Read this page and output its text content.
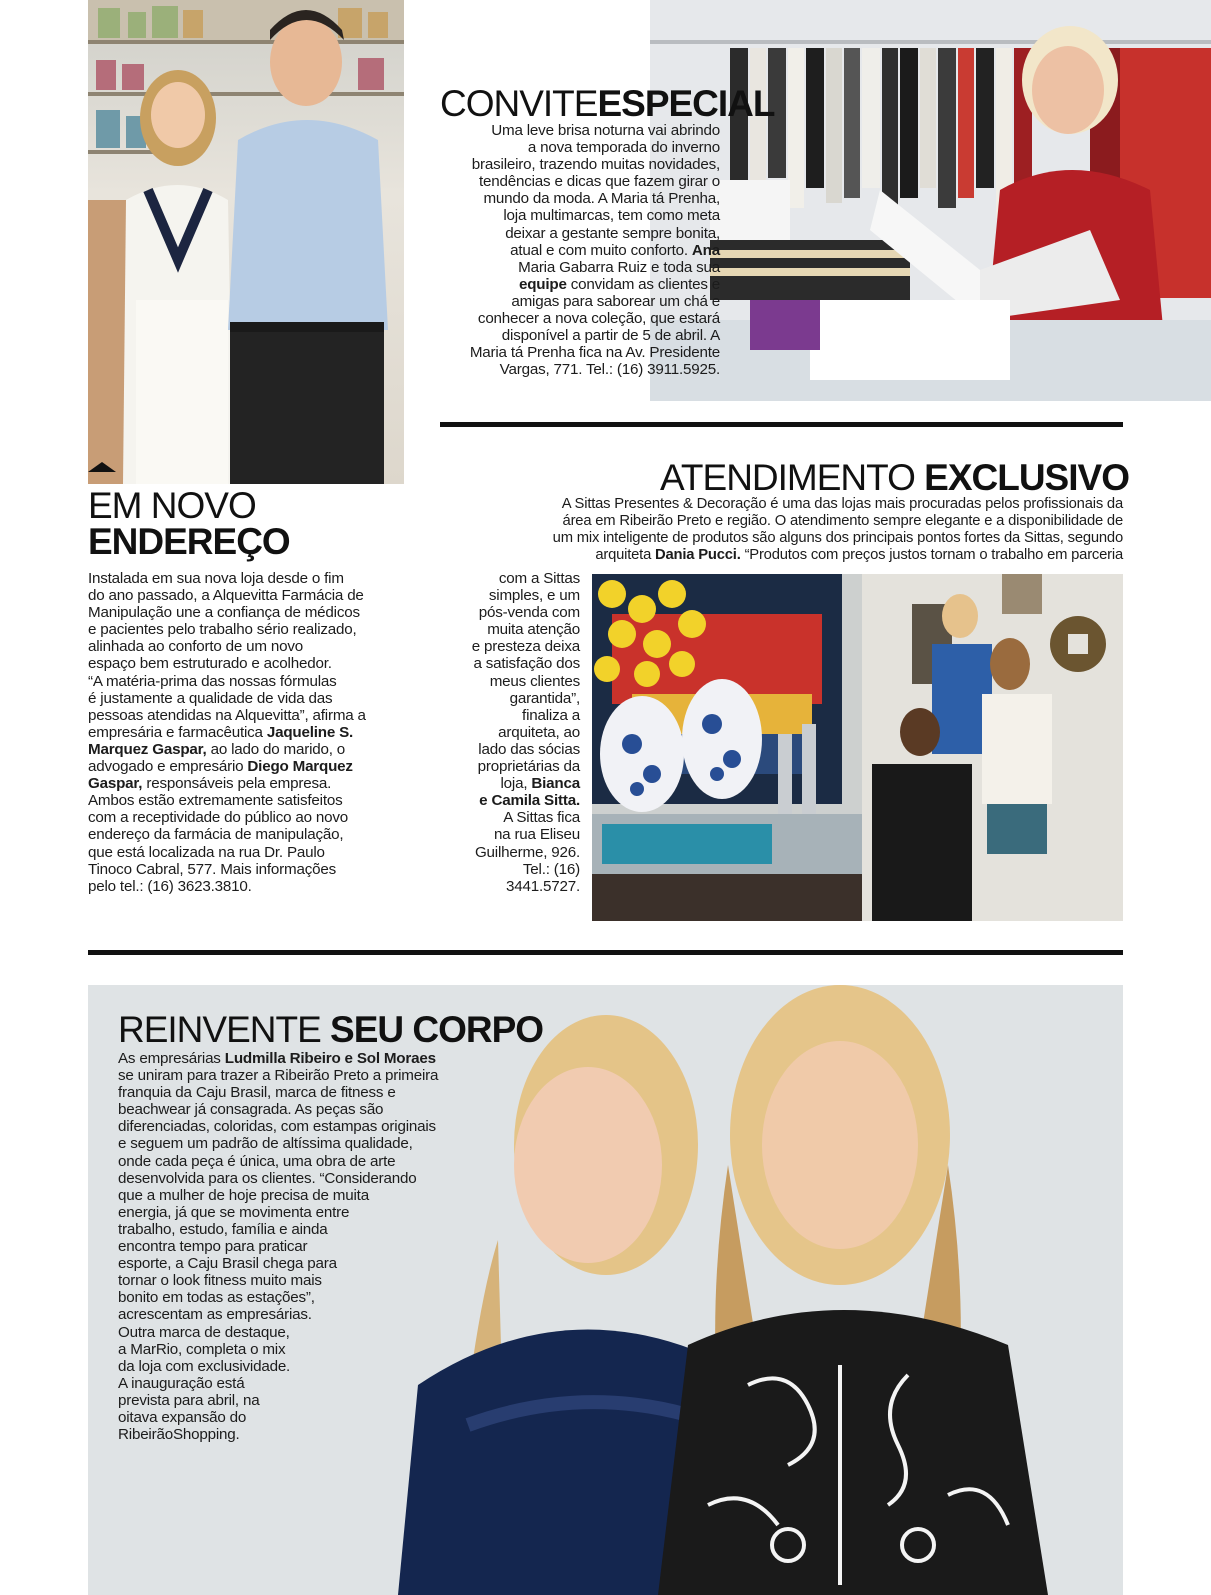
CONVITEESPECIAL
Uma leve brisa noturna vai abrindo
a nova temporada do inverno
brasileiro, trazendo muitas novidades,
tendências e dicas que fazem girar o
mundo da moda. A Maria tá Prenha,
loja multimarcas, tem como meta
deixar a gestante sempre bonita,
atual e com muito conforto. Ana
Maria Gabarra Ruiz e toda sua
equipe convidam as clientes e
amigas para saborear um chá e
conhecer a nova coleção, que estará
disponível a partir de 5 de abril. A
Maria tá Prenha fica na Av. Presidente
Vargas, 771. Tel.: (16) 3911.5925.
EM NOVO
ENDEREÇO
Instalada em sua nova loja desde o fim
do ano passado, a Alquevitta Farmácia de
Manipulação une a confiança de médicos
e pacientes pelo trabalho sério realizado,
alinhada ao conforto de um novo
espaço bem estruturado e acolhedor.
“A matéria-prima das nossas fórmulas
é justamente a qualidade de vida das
pessoas atendidas na Alquevitta”, afirma a
empresária e farmacêutica Jaqueline S.
Marquez Gaspar, ao lado do marido, o
advogado e empresário Diego Marquez
Gaspar, responsáveis pela empresa.
Ambos estão extremamente satisfeitos
com a receptividade do público ao novo
endereço da farmácia de manipulação,
que está localizada na rua Dr. Paulo
Tinoco Cabral, 577. Mais informações
pelo tel.: (16) 3623.3810.
ATENDIMENTO EXCLUSIVO
A Sittas Presentes & Decoração é uma das lojas mais procuradas pelos profissionais da
área em Ribeirão Preto e região. O atendimento sempre elegante e a disponibilidade de
um mix inteligente de produtos são alguns dos principais pontos fortes da Sittas, segundo
arquiteta Dania Pucci. “Produtos com preços justos tornam o trabalho em parceria
com a Sittas
simples, e um
pós-venda com
muita atenção
e presteza deixa
a satisfação dos
meus clientes
garantida”,
finaliza a
arquiteta, ao
lado das sócias
proprietárias da
loja, Bianca
e Camila Sitta.
A Sittas fica
na rua Eliseu
Guilherme, 926.
Tel.: (16)
3441.5727.
REINVENTE SEU CORPO
As empresárias Ludmilla Ribeiro e Sol Moraes
se uniram para trazer a Ribeirão Preto a primeira
franquia da Caju Brasil, marca de fitness e
beachwear já consagrada. As peças são
diferenciadas, coloridas, com estampas originais
e seguem um padrão de altíssima qualidade,
onde cada peça é única, uma obra de arte
desenvolvida para os clientes. “Considerando
que a mulher de hoje precisa de muita
energia, já que se movimenta entre
trabalho, estudo, família e ainda
encontra tempo para praticar
esporte, a Caju Brasil chega para
tornar o look fitness muito mais
bonito em todas as estações”,
acrescentam as empresárias.
Outra marca de destaque,
a MarRio, completa o mix
da loja com exclusividade.
A inauguração está
prevista para abril, na
oitava expansão do
RibeirãoShopping.
